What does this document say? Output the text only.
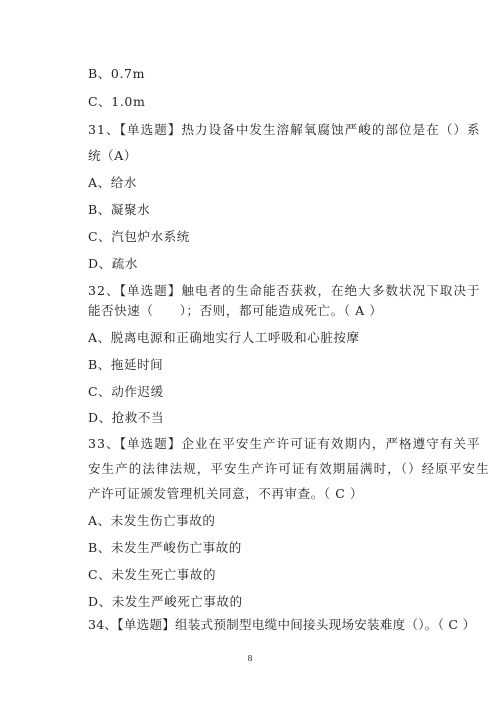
B、0.7m
C、1.0m
31、【单选题】热力设备中发生溶解氧腐蚀严峻的部位是在（）系
统（A）
A、给水
B、凝聚水
C、汽包炉水系统
D、疏水
32、【单选题】触电者的生命能否获救，在绝大多数状况下取决于
能否快速（　　）；否则，都可能造成死亡。（ A ）
A、脱离电源和正确地实行人工呼吸和心脏按摩
B、拖延时间
C、动作迟缓
D、抢救不当
33、【单选题】企业在平安生产许可证有效期内，严格遵守有关平
安生产的法律法规，平安生产许可证有效期届满时，（）经原平安生
产许可证颁发管理机关同意，不再审查。（ C ）
A、未发生伤亡事故的
B、未发生严峻伤亡事故的
C、未发生死亡事故的
D、未发生严峻死亡事故的
34、【单选题】组装式预制型电缆中间接头现场安装难度（）。（ C ）
8
